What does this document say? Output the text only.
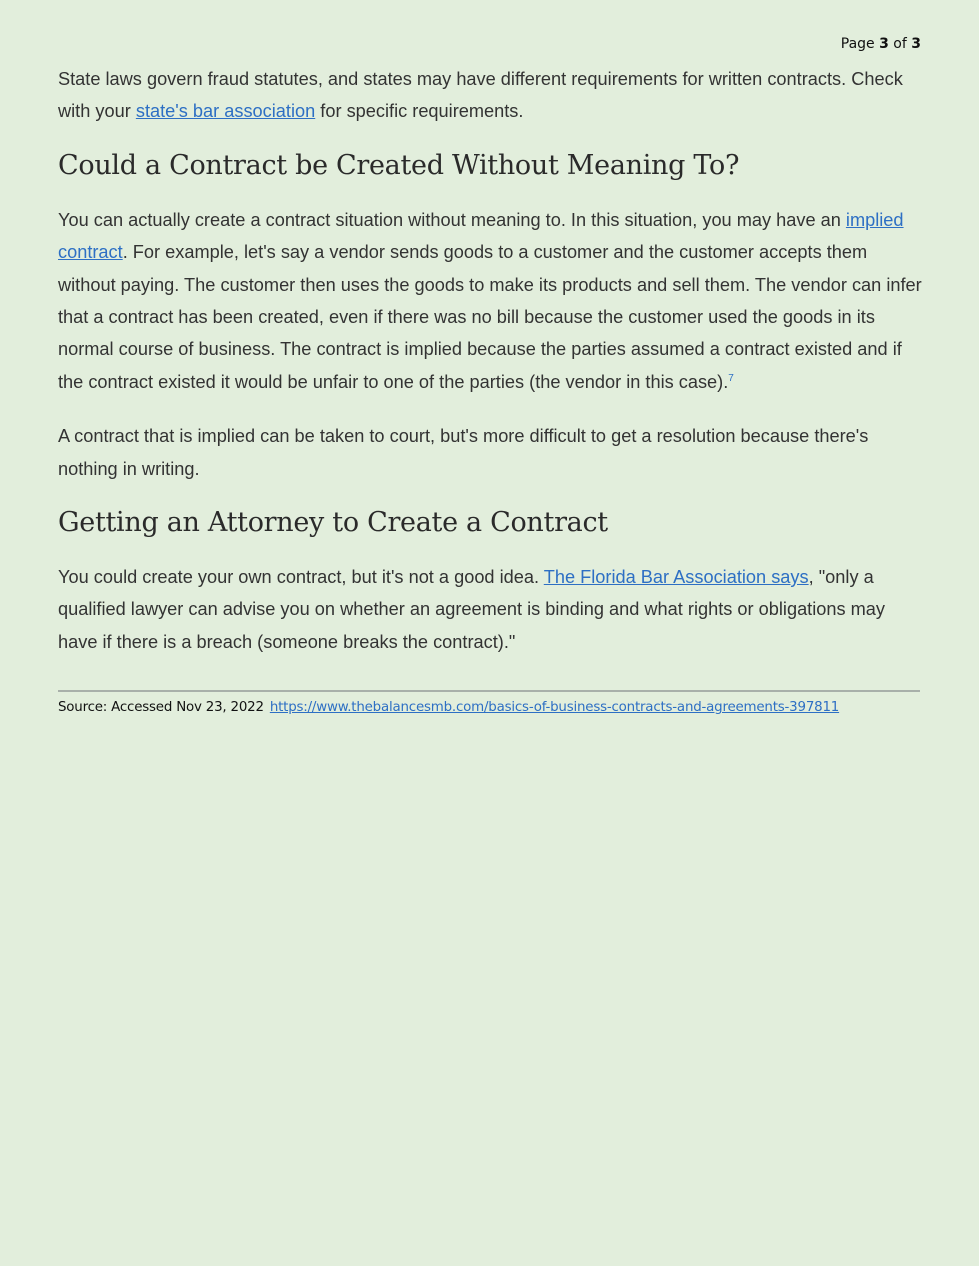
Page 3 of 3

State laws govern fraud statutes, and states may have different requirements for written contracts. Check with your state's bar association for specific requirements.

Could a Contract be Created Without Meaning To?

You can actually create a contract situation without meaning to. In this situation, you may have an implied contract. For example, let's say a vendor sends goods to a customer and the customer accepts them without paying. The customer then uses the goods to make its products and sell them. The vendor can infer that a contract has been created, even if there was no bill because the customer used the goods in its normal course of business. The contract is implied because the parties assumed a contract existed and if the contract existed it would be unfair to one of the parties (the vendor in this case).$^7$

A contract that is implied can be taken to court, but's more difficult to get a resolution because there's nothing in writing.

Getting an Attorney to Create a Contract

You could create your own contract, but it's not a good idea. The Florida Bar Association says, "only a qualified lawyer can advise you on whether an agreement is binding and what rights or obligations may have if there is a breach (someone breaks the contract)."

Source: Accessed Nov 23, 2022 https://www.thebalancesmb.com/basics-of-business-contracts-and-agreements-397811
